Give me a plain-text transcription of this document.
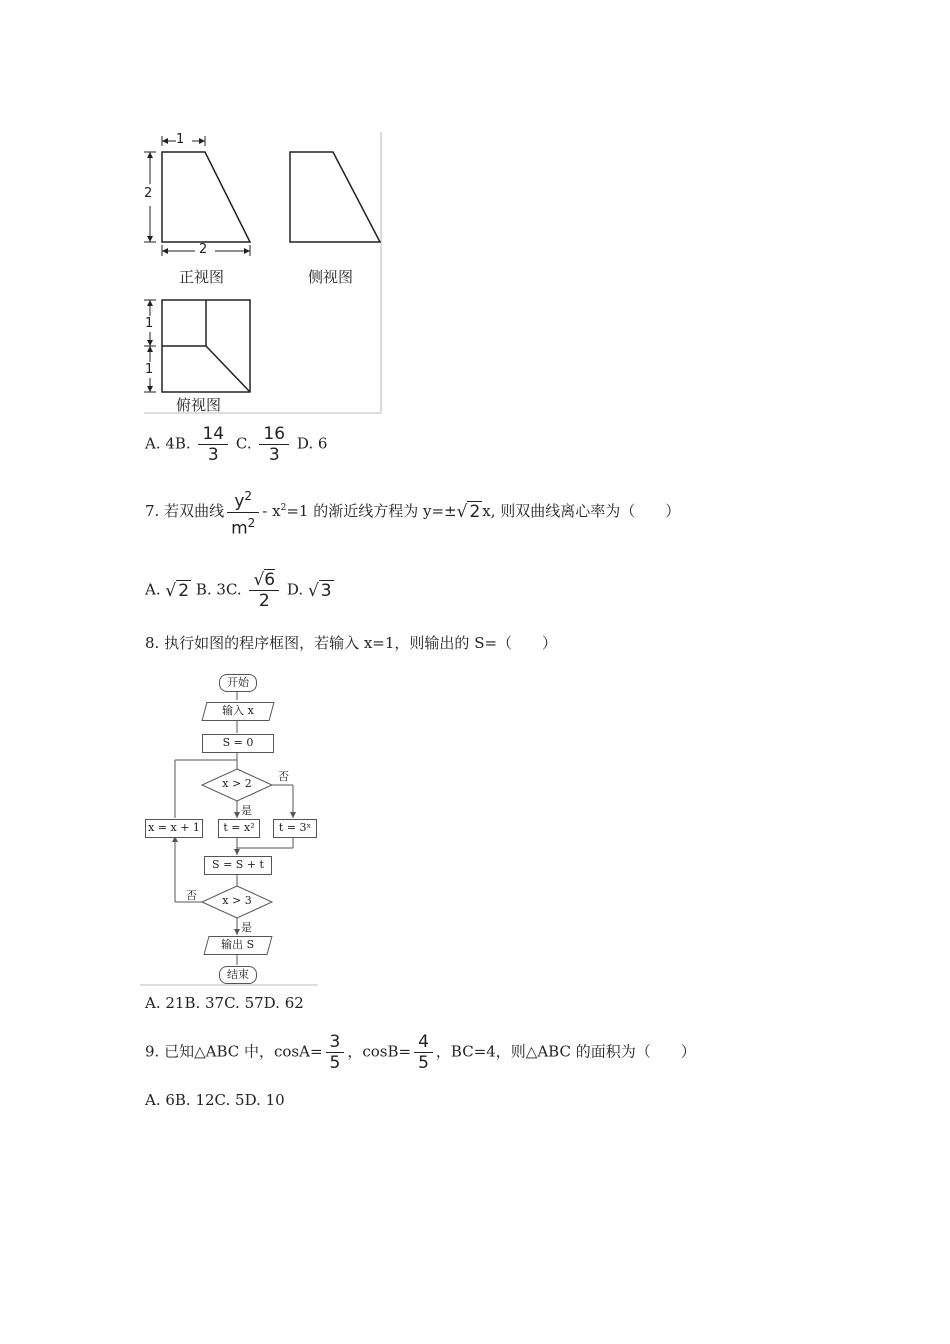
1
2
2
正视图	侧视图
1
1
俯视图
A. 4B. $\frac{14}{3} C$. $\frac{16}{3} D$. 6
7. 若双曲线 $\frac{y^2}{m^2} - x^2=1$ 的渐近线方程为 y=±√ 2 x, 则双曲线离心率为（　　）
A. √ 2 B. 3C. $\frac{√6}{2} D$. √ 3
8. 执行如图的程序框图，若输入 x=1，则输出的 S=（　　）
开始
输入 x
S = 0
x > 2
否
是
t = x²	t = 3ˣ
x = x + 1
S = S + t
x > 3
否
是
输出 S
结束
A. 21B. 37C. 57D. 62
9. 已知△ABC 中，$\cos A= \frac{3}{5}$ ，$\cos B= \frac{4}{5}$ ，BC=4，则△ABC 的面积为（　　）
A. 6B. 12C. 5D. 10
